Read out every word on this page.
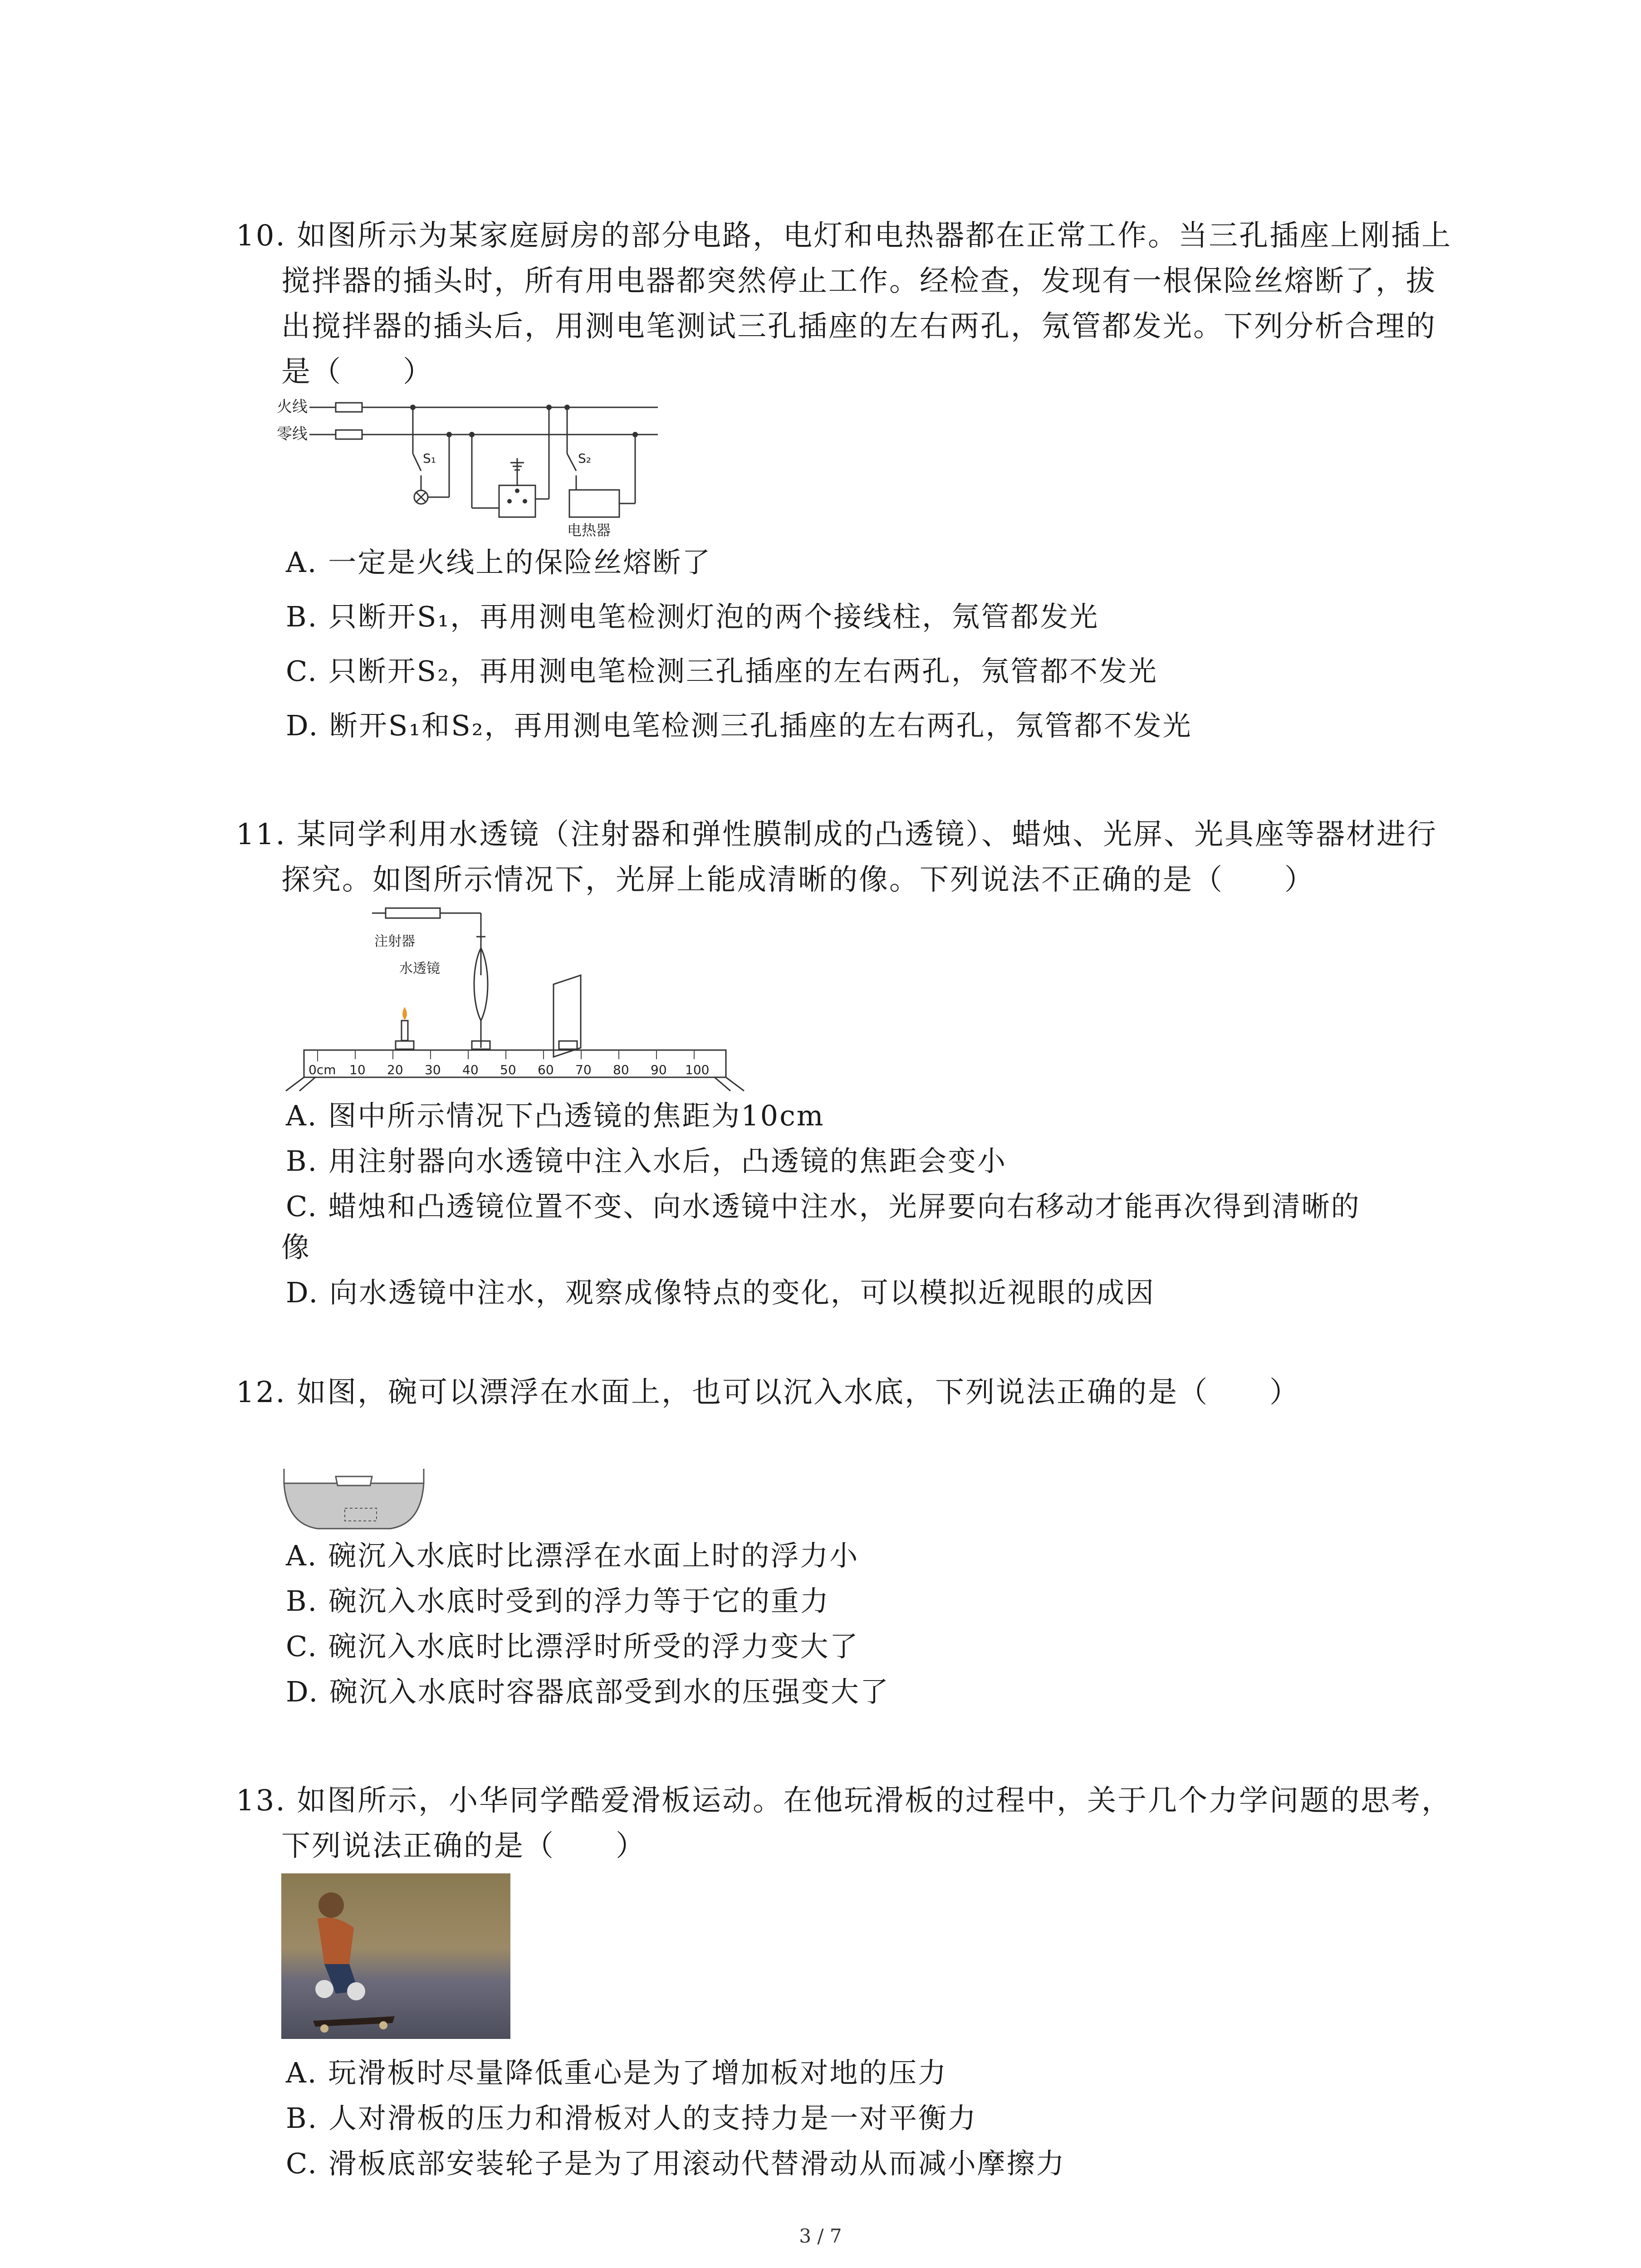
10. 如图所示为某家庭厨房的部分电路，电灯和电热器都在正常工作。当三孔插座上刚插上
搅拌器的插头时，所有用电器都突然停止工作。经检查，发现有一根保险丝熔断了，拔
出搅拌器的插头后，用测电笔测试三孔插座的左右两孔，氖管都发光。下列分析合理的
是（　　）
火线
零线
S₁	S₂
电热器
A. 一定是火线上的保险丝熔断了
B. 只断开S₁，再用测电笔检测灯泡的两个接线柱，氖管都发光
C. 只断开S₂，再用测电笔检测三孔插座的左右两孔，氖管都不发光
D. 断开S₁和S₂，再用测电笔检测三孔插座的左右两孔，氖管都不发光
11. 某同学利用水透镜（注射器和弹性膜制成的凸透镜）、蜡烛、光屏、光具座等器材进行
探究。如图所示情况下，光屏上能成清晰的像。下列说法不正确的是（　　）
注射器
水透镜
0cm 10 20 30 40 50 60 70 80 90 100
A. 图中所示情况下凸透镜的焦距为10cm
B. 用注射器向水透镜中注入水后，凸透镜的焦距会变小
C. 蜡烛和凸透镜位置不变、向水透镜中注水，光屏要向右移动才能再次得到清晰的
像
D. 向水透镜中注水，观察成像特点的变化，可以模拟近视眼的成因
12. 如图，碗可以漂浮在水面上，也可以沉入水底，下列说法正确的是（　　）
A. 碗沉入水底时比漂浮在水面上时的浮力小
B. 碗沉入水底时受到的浮力等于它的重力
C. 碗沉入水底时比漂浮时所受的浮力变大了
D. 碗沉入水底时容器底部受到水的压强变大了
13. 如图所示，小华同学酷爱滑板运动。在他玩滑板的过程中，关于几个力学问题的思考，
下列说法正确的是（　　）
A. 玩滑板时尽量降低重心是为了增加板对地的压力
B. 人对滑板的压力和滑板对人的支持力是一对平衡力
C. 滑板底部安装轮子是为了用滚动代替滑动从而减小摩擦力
3 / 7
